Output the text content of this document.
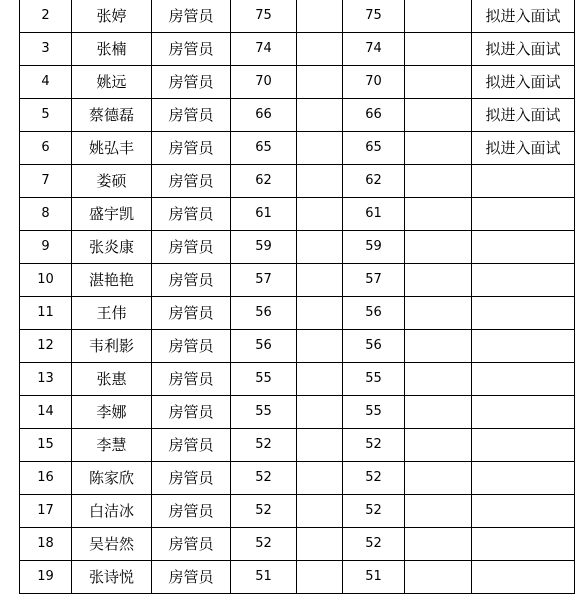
2	张婷	房管员	75		75		拟进入面试
3	张楠	房管员	74		74		拟进入面试
4	姚远	房管员	70		70		拟进入面试
5	蔡德磊	房管员	66		66		拟进入面试
6	姚弘丰	房管员	65		65		拟进入面试
7	娄硕	房管员	62		62		
8	盛宇凯	房管员	61		61		
9	张炎康	房管员	59		59		
10	湛艳艳	房管员	57		57		
11	王伟	房管员	56		56		
12	韦利影	房管员	56		56		
13	张惠	房管员	55		55		
14	李娜	房管员	55		55		
15	李慧	房管员	52		52		
16	陈家欣	房管员	52		52		
17	白洁冰	房管员	52		52		
18	吴岩然	房管员	52		52		
19	张诗悦	房管员	51		51		
